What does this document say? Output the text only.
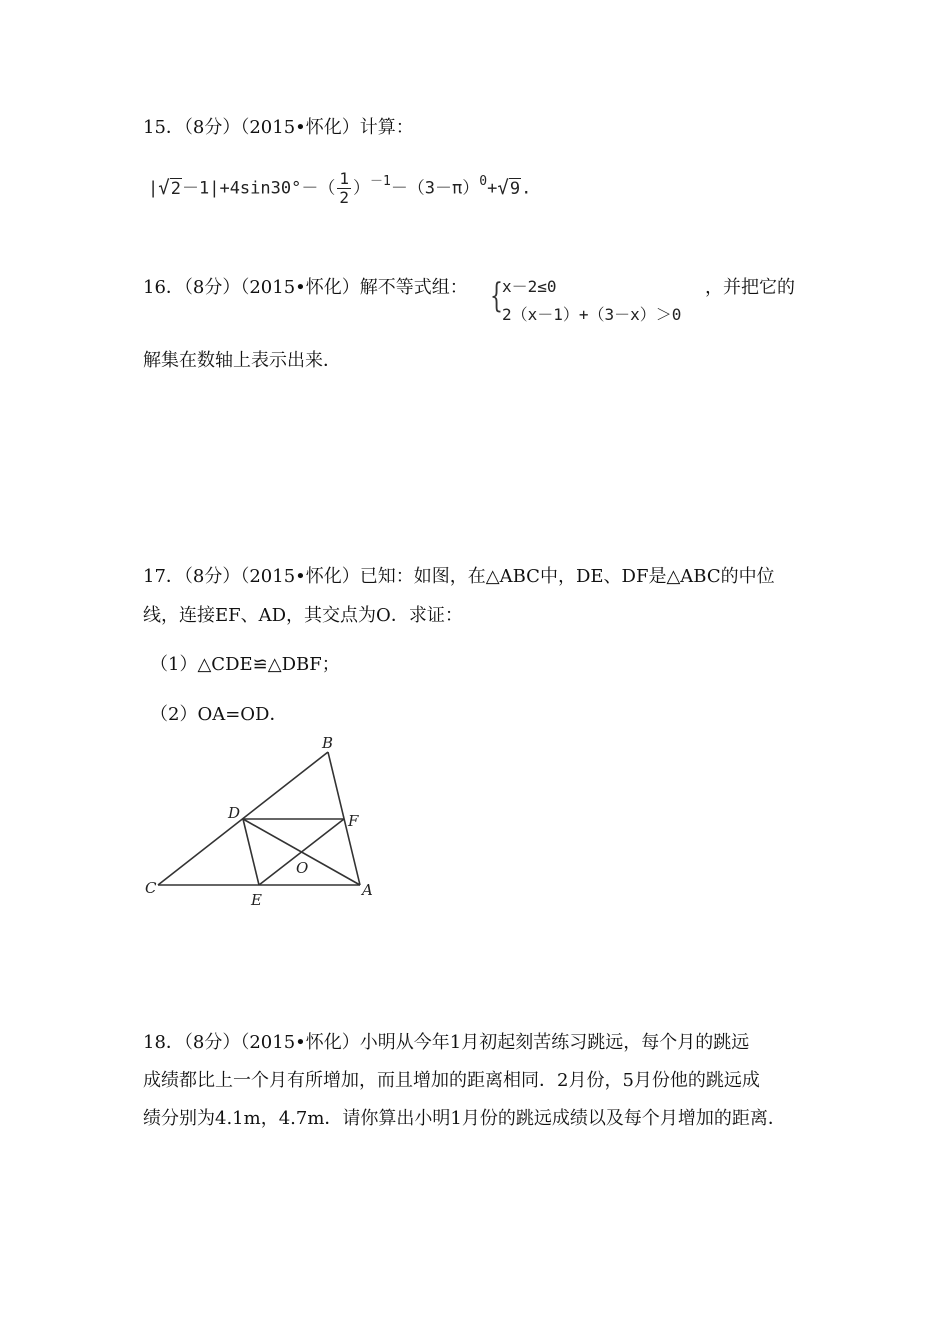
15．（8分）（2015•怀化）计算：
$|√2-1|+4\sin 30^\circ-( \frac{1}{2} )^{-1}-(3-\pi)^0+√9$.
16．（8分）（2015•怀化）解不等式组： { x－2≤0
2（x－1）+（3－x）＞0
，并把它的
解集在数轴上表示出来．
17．（8分）（2015•怀化）已知：如图，在△ABC中，DE、DF是△ABC的中位
线，连接EF、AD，其交点为O．求证：
（1）△CDE≌△DBF；
（2）OA=OD．
B
D	F
O
C
E
A
18．（8分）（2015•怀化）小明从今年1月初起刻苦练习跳远，每个月的跳远
成绩都比上一个月有所增加，而且增加的距离相同．2月份，5月份他的跳远成
绩分别为4.1m，4.7m．请你算出小明1月份的跳远成绩以及每个月增加的距离．
